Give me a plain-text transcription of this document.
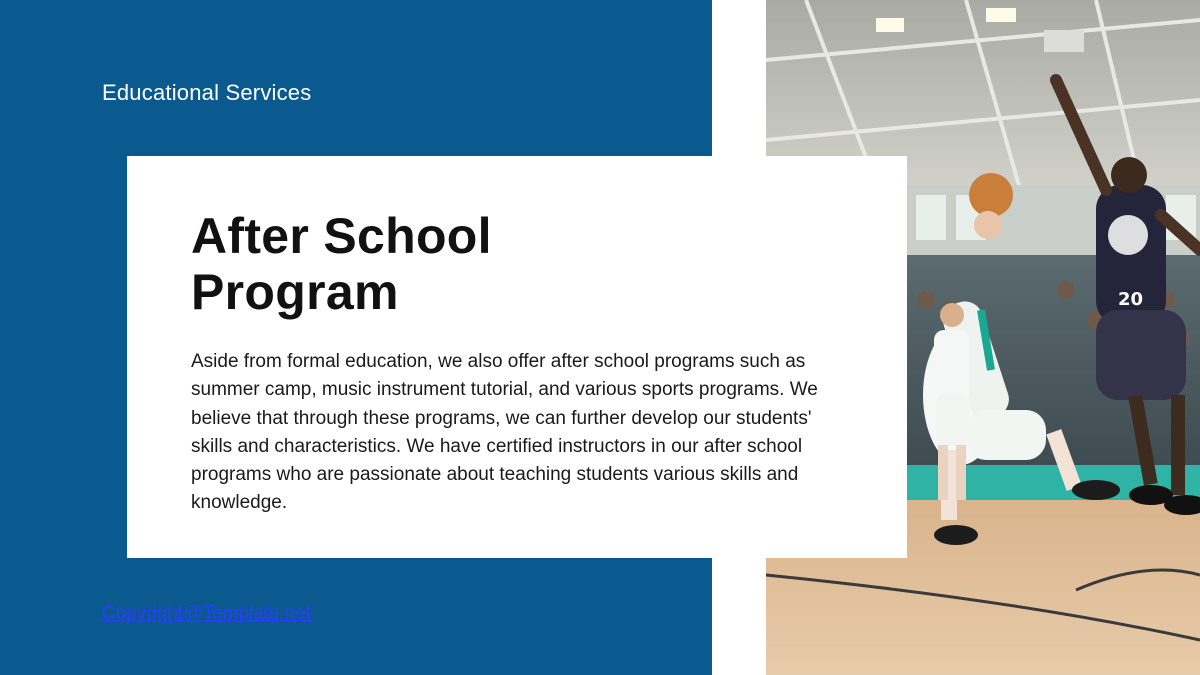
20
Educational Services
After School
Program

Aside from formal education, we also offer after school programs such as summer camp, music instrument tutorial, and various sports programs. We believe that through these programs, we can further develop our students' skills and characteristics. We have certified instructors in our after school programs who are passionate about teaching students various skills and knowledge.

Copyright@Template.net
